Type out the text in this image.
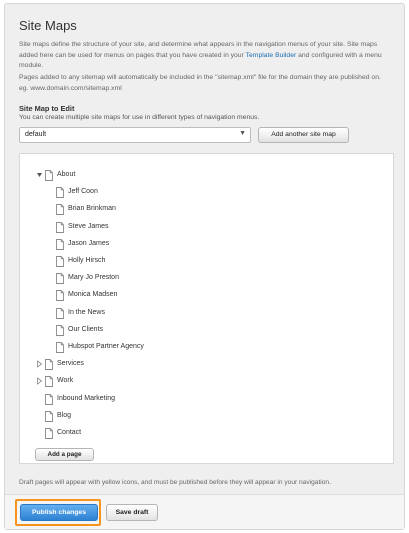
Site Maps
Site maps define the structure of your site, and determine what appears in the navigation menus of your site. Site maps added here can be used for menus on pages that you have created in your Template Builder and configured with a menu module.
Pages added to any sitemap will automatically be included in the "sitemap.xml" file for the domain they are published on. eg. www.domain.com/sitemap.xml
Site Map to Edit
You can create multiple site maps for use in different types of navigation menus.
default	▼	Add another site map
About
Jeff Coon
Brian Brinkman
Steve James
Jason James
Holly Hirsch
Mary Jo Preston
Monica Madsen
In the News
Our Clients
Hubspot Partner Agency
Services
Work
Inbound Marketing
Blog
Contact
Add a page
Draft pages will appear with yellow icons, and must be published before they will appear in your navigation.
Publish changes	Save draft
